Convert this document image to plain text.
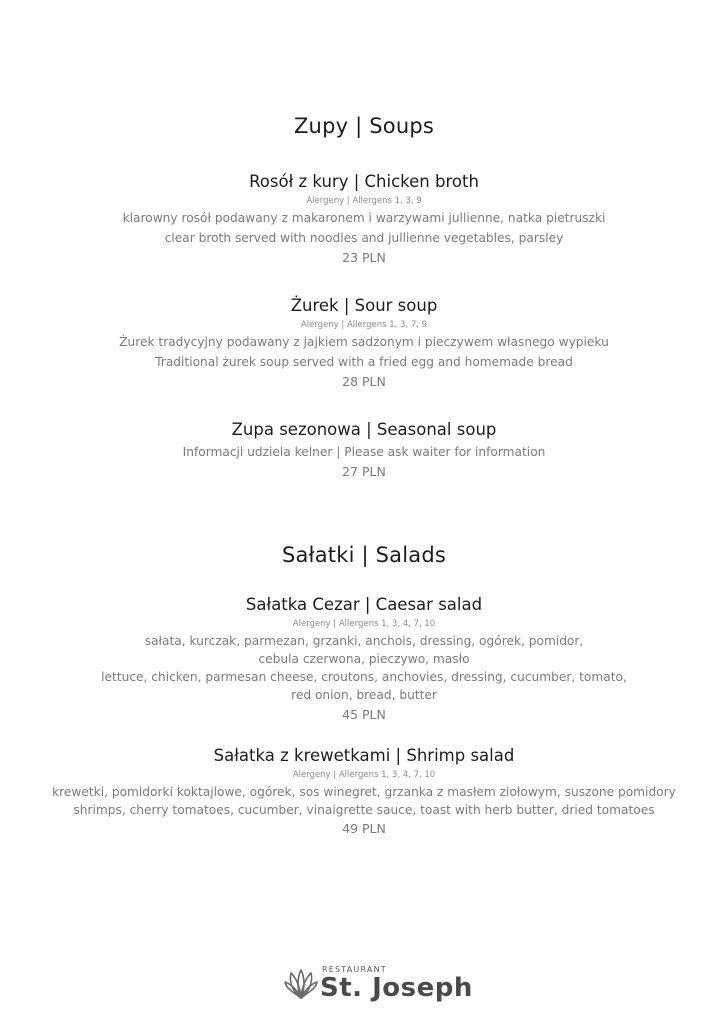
Zupy | Soups
Rosół z kury | Chicken broth
Alergeny | Allergens 1, 3, 9
klarowny rosół podawany z makaronem i warzywami jullienne, natka pietruszki
clear broth served with noodles and jullienne vegetables, parsley
23 PLN
Żurek | Sour soup
Alergeny | Allergens 1, 3, 7, 9
Żurek tradycyjny podawany z jajkiem sadzonym i pieczywem własnego wypieku
Traditional żurek soup served with a fried egg and homemade bread
28 PLN
Zupa sezonowa | Seasonal soup
Informacji udziela kelner | Please ask waiter for information
27 PLN
Sałatki | Salads
Sałatka Cezar | Caesar salad
Alergeny | Allergens 1, 3, 4, 7, 10
sałata, kurczak, parmezan, grzanki, anchois, dressing, ogórek, pomidor,
cebula czerwona, pieczywo, masło
lettuce, chicken, parmesan cheese, croutons, anchovies, dressing, cucumber, tomato,
red onion, bread, butter
45 PLN
Sałatka z krewetkami | Shrimp salad
Alergeny | Allergens 1, 3, 4, 7, 10
krewetki, pomidorki koktajlowe, ogórek, sos winegret, grzanka z masłem ziołowym, suszone pomidory
shrimps, cherry tomatoes, cucumber, vinaigrette sauce, toast with herb butter, dried tomatoes
49 PLN
RESTAURANT
St. Joseph
